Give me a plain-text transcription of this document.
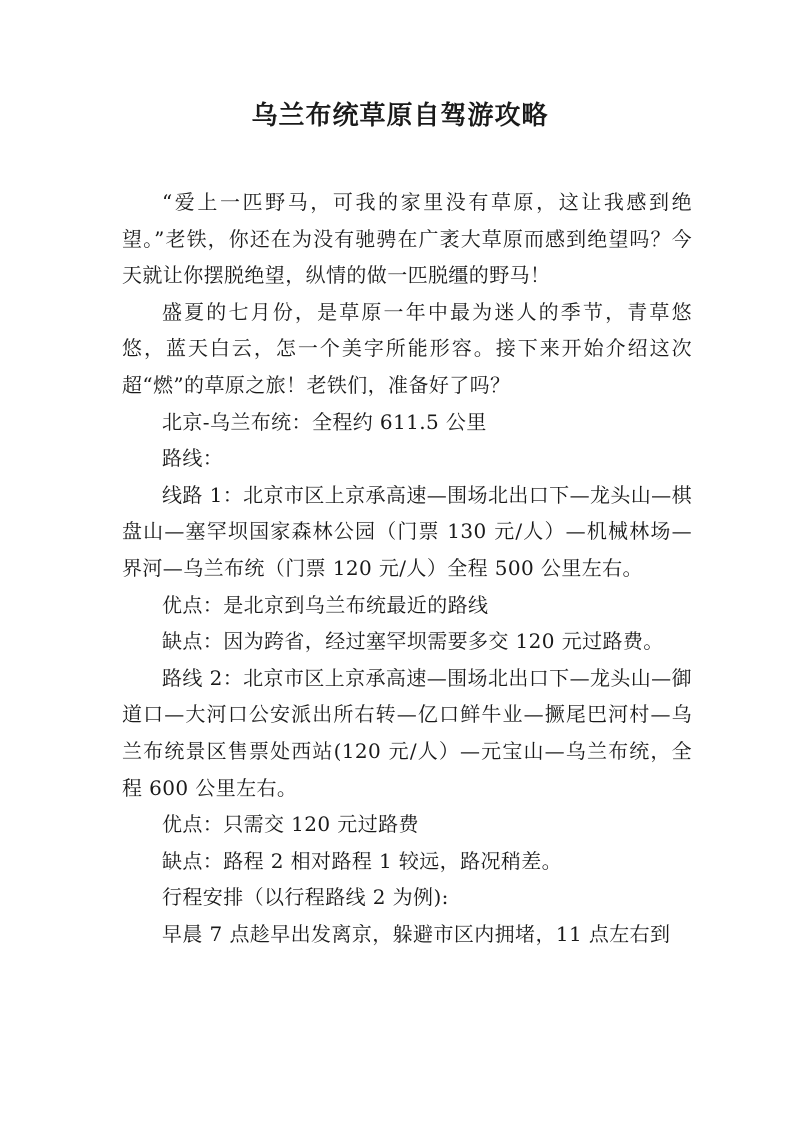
乌兰布统草原自驾游攻略

“爱上一匹野马，可我的家里没有草原，这让我感到绝望。”老铁，你还在为没有驰骋在广袤大草原而感到绝望吗？今天就让你摆脱绝望，纵情的做一匹脱缰的野马！

盛夏的七月份，是草原一年中最为迷人的季节，青草悠悠，蓝天白云，怎一个美字所能形容。接下来开始介绍这次超“燃”的草原之旅！老铁们，准备好了吗？

北京-乌兰布统：全程约 611.5 公里

路线：

线路 1：北京市区上京承高速—围场北出口下—龙头山—棋盘山—塞罕坝国家森林公园（门票 130 元/人）—机械林场—界河—乌兰布统（门票 120 元/人）全程 500 公里左右。

优点：是北京到乌兰布统最近的路线

缺点：因为跨省，经过塞罕坝需要多交 120 元过路费。

路线 2：北京市区上京承高速—围场北出口下—龙头山—御道口—大河口公安派出所右转—亿口鲜牛业—撅尾巴河村—乌兰布统景区售票处西站(120 元/人）—元宝山—乌兰布统，全程 600 公里左右。

优点：只需交 120 元过路费

缺点：路程 2 相对路程 1 较远，路况稍差。

行程安排（以行程路线 2 为例):

早晨 7 点趁早出发离京，躲避市区内拥堵，11 点左右到
